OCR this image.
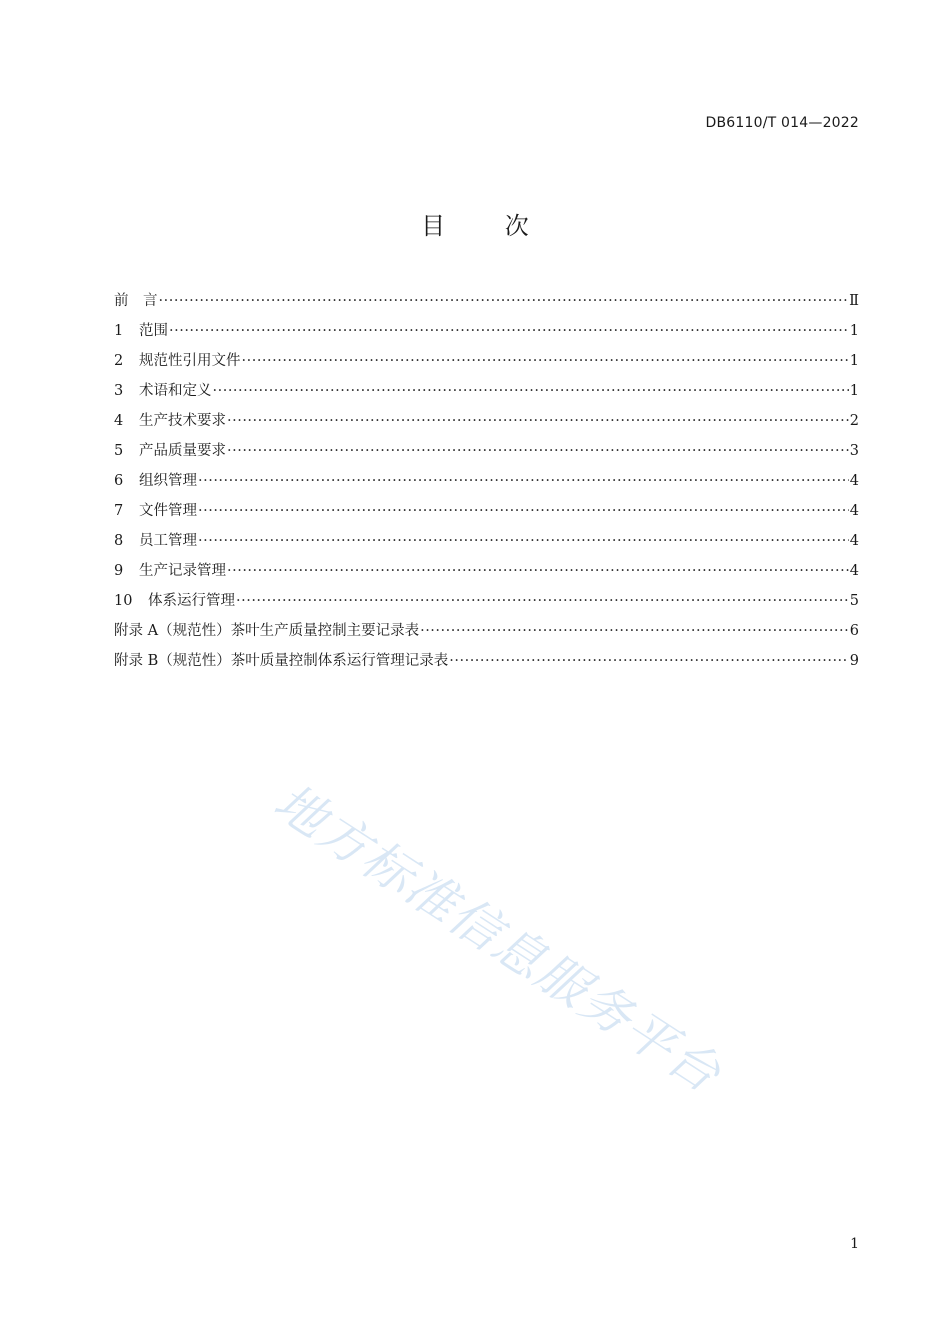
DB6110/T 014—2022
目 次
前　言 ·····	Ⅱ
1	范围 ·····	1
2	规范性引用文件 ·····	1
3	术语和定义 ·····	1
4	生产技术要求 ·····	2
5	产品质量要求 ·····	3
6	组织管理 ·····	4
7	文件管理 ·····	4
8	员工管理 ·····	4
9	生产记录管理 ·····	4
10	体系运行管理 ·····	5
附录 A（规范性）茶叶生产质量控制主要记录表 ·····	6
附录 B（规范性）茶叶质量控制体系运行管理记录表 ·····	9
地方标准信息服务平台
1
